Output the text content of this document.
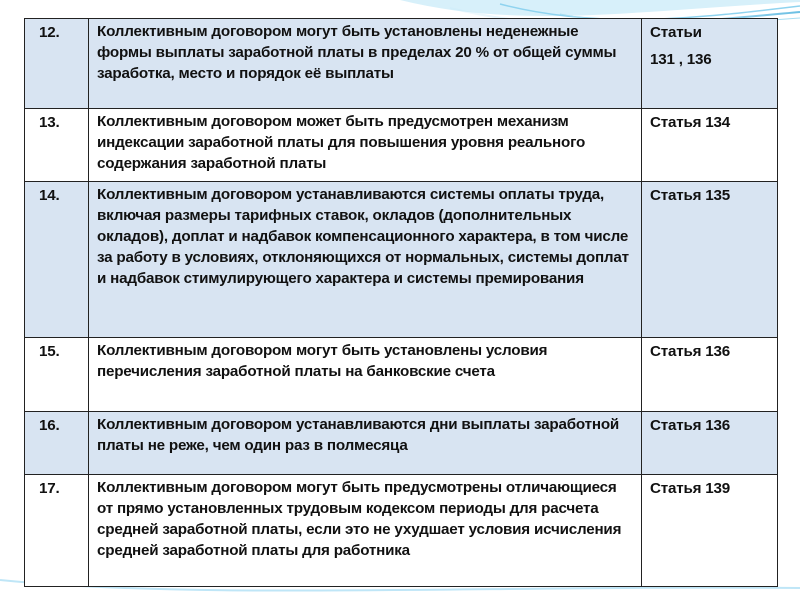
12.	Коллективным договором могут быть установлены неденежные формы выплаты заработной платы в пределах 20 % от общей суммы заработка, место и порядок её выплаты	Статьи
131 , 136

13.	Коллективным договором может быть предусмотрен механизм индексации заработной платы для повышения уровня реального содержания заработной платы	Статья 134

14.	Коллективным договором устанавливаются системы оплаты труда, включая размеры тарифных ставок, окладов (дополнительных окладов), доплат и надбавок компенсационного характера, в том числе за работу в условиях, отклоняющихся от нормальных, системы доплат и надбавок стимулирующего характера и системы премирования	Статья 135

15.	Коллективным договором могут быть установлены условия перечисления заработной платы на банковские счета	Статья 136

16.	Коллективным договором устанавливаются дни выплаты заработной платы не реже, чем один раз в полмесяца	Статья 136

17.	Коллективным договором могут быть предусмотрены отличающиеся от прямо установленных трудовым кодексом периоды для расчета средней заработной платы, если это не ухудшает условия исчисления средней заработной платы для работника	Статья 139
